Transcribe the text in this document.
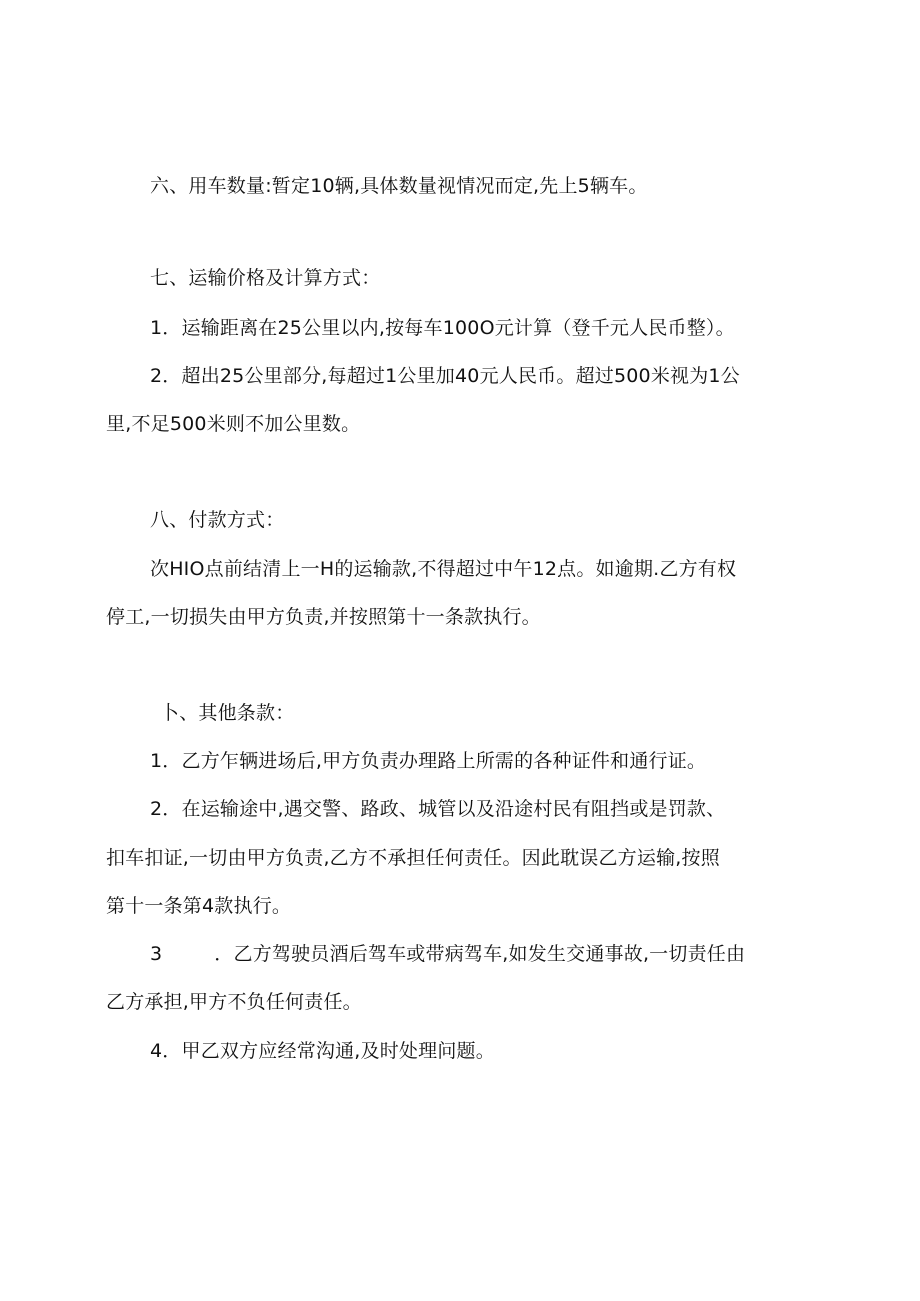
六、用车数量:暂定10辆,具体数量视情况而定,先上5辆车。
七、运输价格及计算方式：
1．运输距离在25公里以内,按每车100O元计算（登千元人民币整）。
2．超出25公里部分,每超过1公里加40元人民币。超过500米视为1公
里,不足500米则不加公里数。
八、付款方式：
次HIO点前结清上一H的运输款,不得超过中午12点。如逾期.乙方有权
停工,一切损失由甲方负责,并按照第十一条款执行。
卜、其他条款：
1．乙方乍辆进场后,甲方负责办理路上所需的各种证件和通行证。
2．在运输途中,遇交警、路政、城管以及沿途村民有阻挡或是罚款、
扣车扣证,一切由甲方负责,乙方不承担任何责任。因此耽误乙方运输,按照
第十一条第4款执行。
3	．乙方驾驶员酒后驾车或带病驾车,如发生交通事故,一切责任由
乙方承担,甲方不负任何责任。
4．甲乙双方应经常沟通,及时处理问题。
